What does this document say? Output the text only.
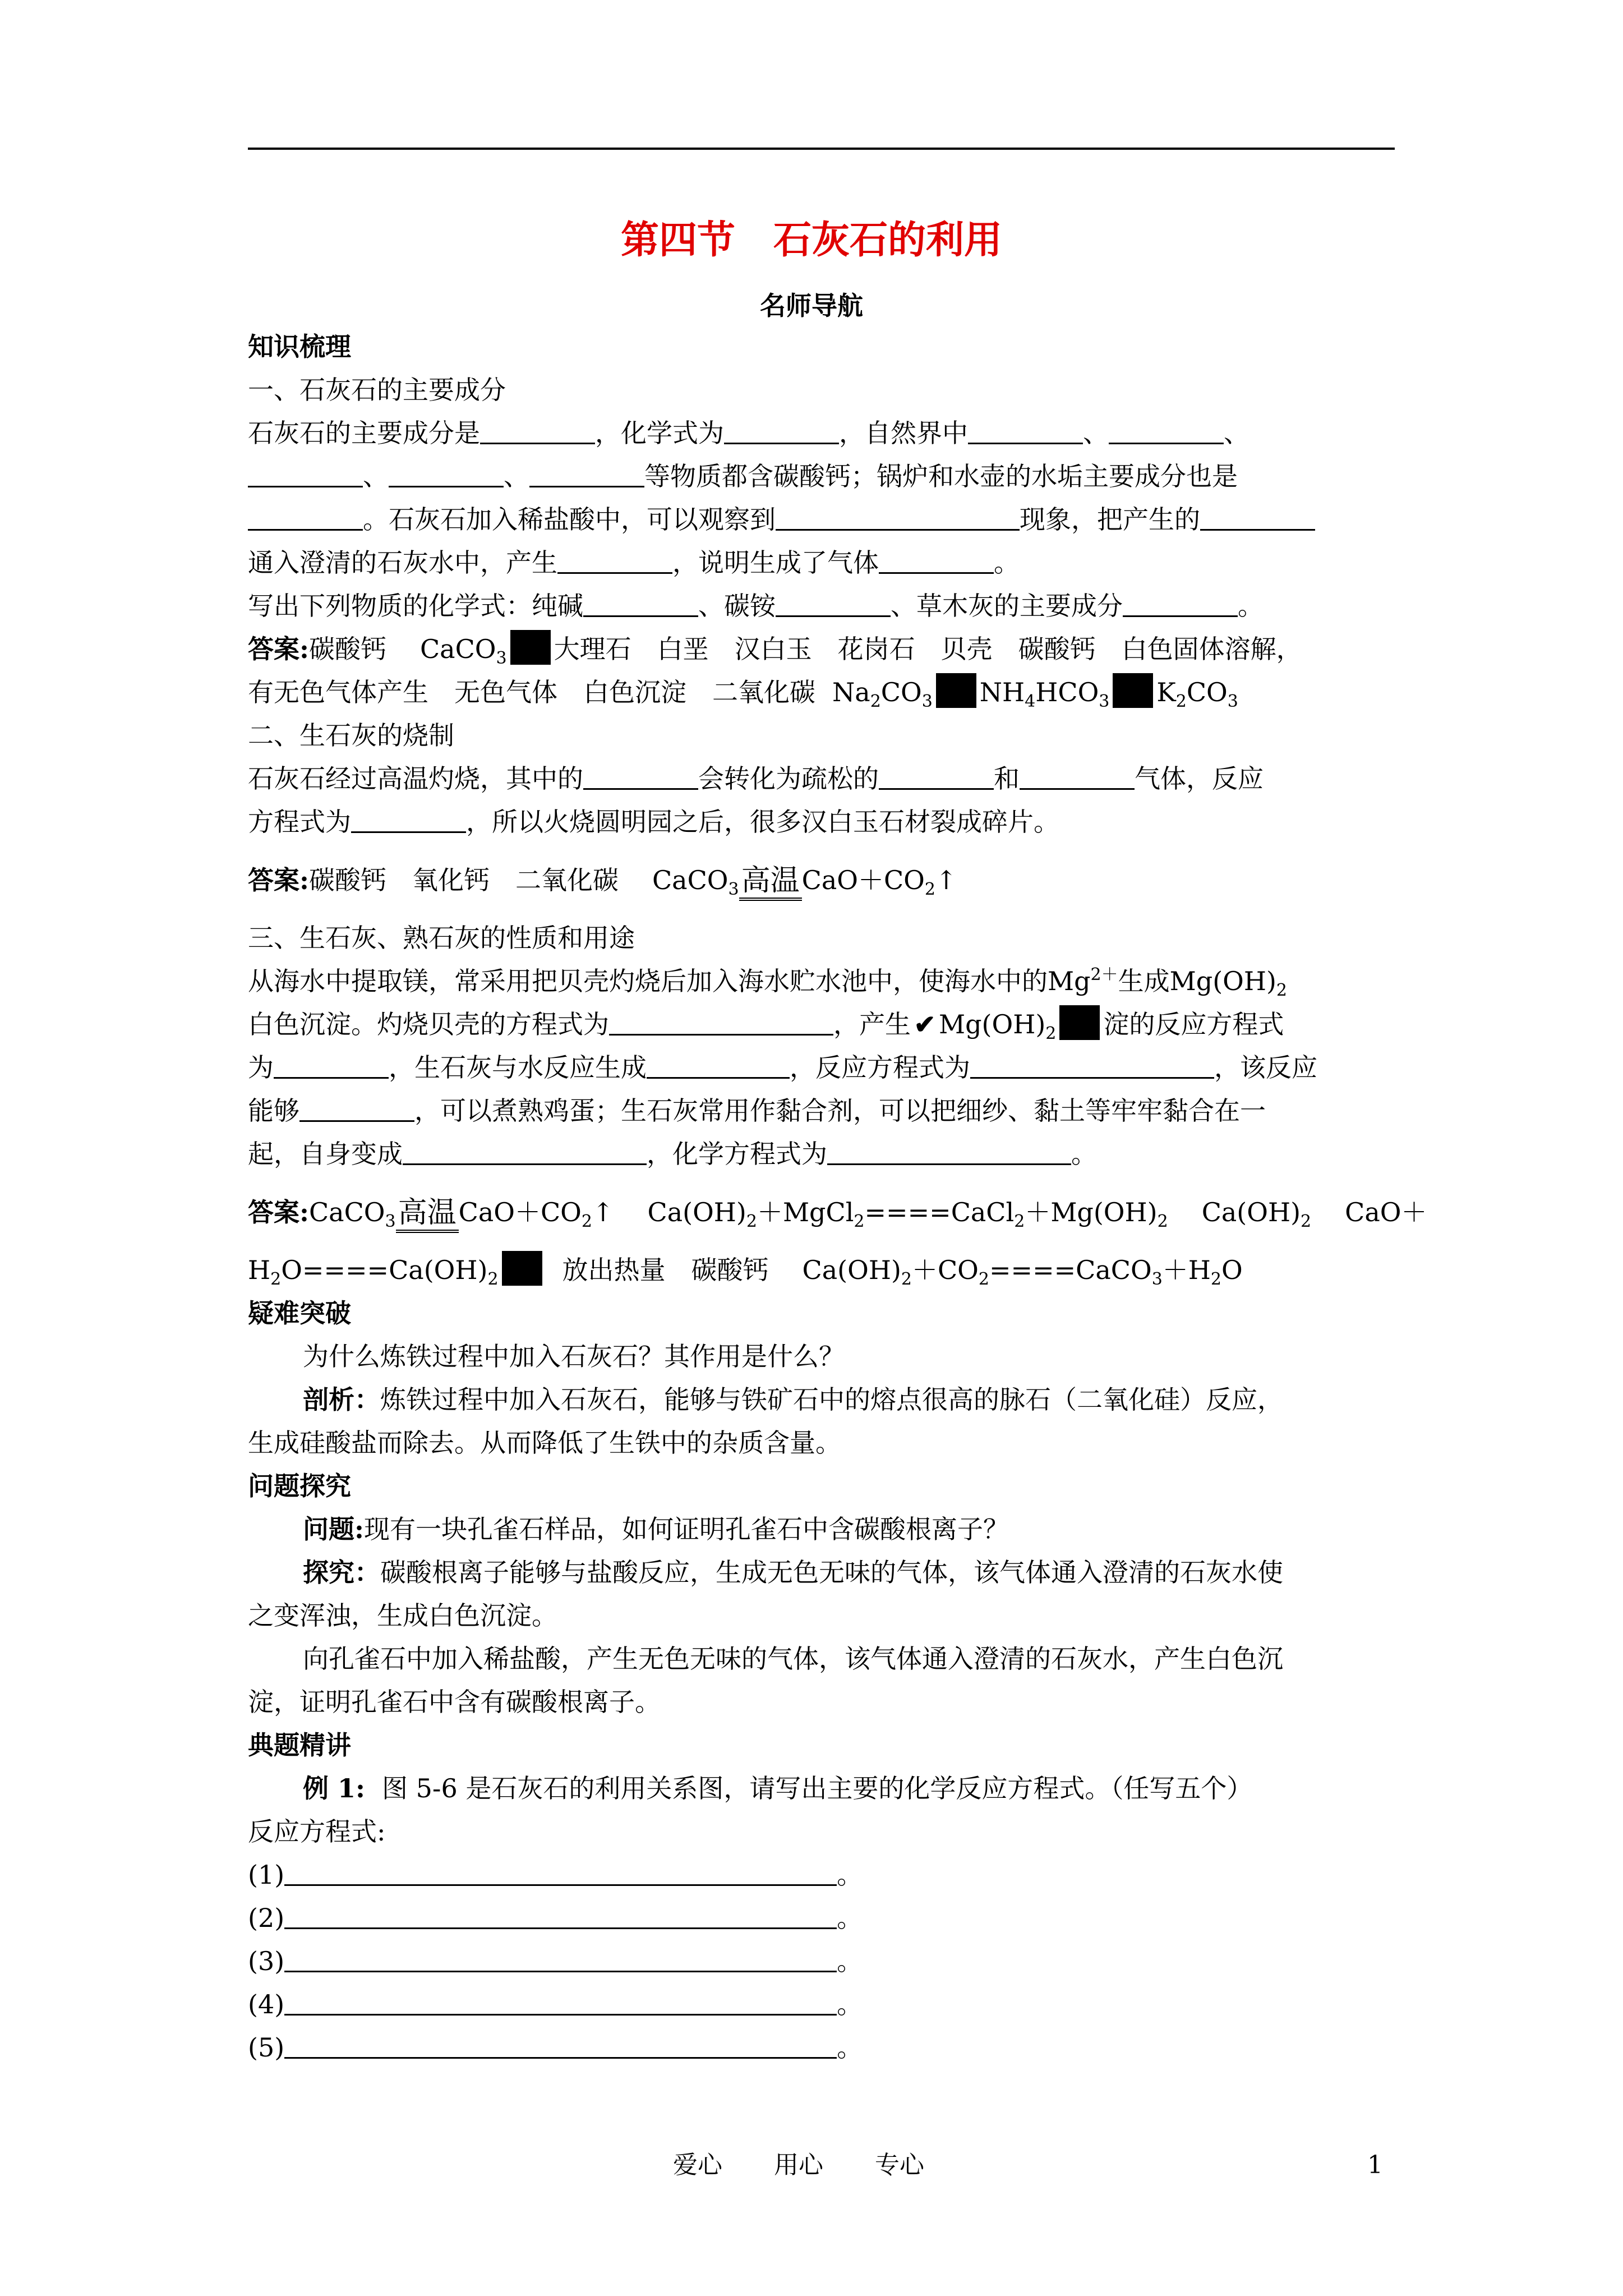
第四节　石灰石的利用
名师导航
知识梳理
一、石灰石的主要成分
石灰石的主要成分是	，化学式为	，自然界中	、	、
、	、	等物质都含碳酸钙；锅炉和水壶的水垢主要成分也是
。石灰石加入稀盐酸中，可以观察到	现象，把产生的
通入澄清的石灰水中，产生	，说明生成了气体	。
写出下列物质的化学式：纯碱	、碳铵	、草木灰的主要成分	。
答案:碳酸钙 CaCO$_3$ 大理石　白垩　汉白玉　花岗石　贝壳　碳酸钙　白色固体溶解，
有无色气体产生　无色气体　白色沉淀　二氧化碳 $Na_2CO_3$ $NH_4HCO_3$ $K_2CO_3$
二、生石灰的烧制
石灰石经过高温灼烧，其中的	会转化为疏松的	和	气体，反应
方程式为	，所以火烧圆明园之后，很多汉白玉石材裂成碎片。
答案:碳酸钙　氧化钙　二氧化碳 CaCO$_3$高温$CaO+CO_2↑$
三、生石灰、熟石灰的性质和用途
从海水中提取镁，常采用把贝壳灼烧后加入海水贮水池中，使海水中的$Mg^{2+}$生成$Mg(OH)_2$
白色沉淀。灼烧贝壳的方程式为	，产生 ✔ $Mg(OH)_2$ 淀的反应方程式
为	，生石灰与水反应生成	，反应方程式为	，该反应
能够	，可以煮熟鸡蛋；生石灰常用作黏合剂，可以把细纱、黏土等牢牢黏合在一
起，自身变成	，化学方程式为	。
答案:CaCO$_3$高温$CaO+CO_2↑$ $Ca(OH)_2+MgCl_2====CaCl_2+Mg(OH)_2$ $Ca(OH)_2$ CaO＋
$H_2O====Ca(OH)_2$ 放出热量　碳酸钙 $Ca(OH)_2+CO_2====CaCO_3+H_2O$
疑难突破
为什么炼铁过程中加入石灰石？其作用是什么？
剖析：炼铁过程中加入石灰石，能够与铁矿石中的熔点很高的脉石（二氧化硅）反应，
生成硅酸盐而除去。从而降低了生铁中的杂质含量。
问题探究
问题:现有一块孔雀石样品，如何证明孔雀石中含碳酸根离子？
探究：碳酸根离子能够与盐酸反应，生成无色无味的气体，该气体通入澄清的石灰水使
之变浑浊，生成白色沉淀。
向孔雀石中加入稀盐酸，产生无色无味的气体，该气体通入澄清的石灰水，产生白色沉
淀，证明孔雀石中含有碳酸根离子。
典题精讲
例 1: 图 5-6 是石灰石的利用关系图，请写出主要的化学反应方程式。（任写五个）
反应方程式:
(1)	。
(2)	。
(3)	。
(4)	。
(5)	。
爱心 用心 专心	1
